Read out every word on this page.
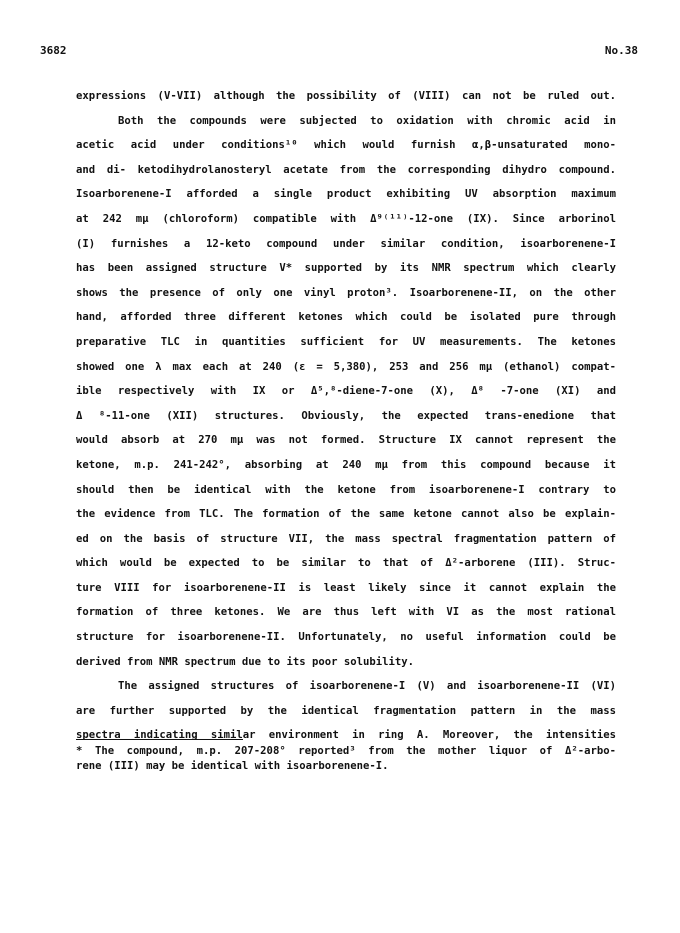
3682	No.38
expressions (V-VII) although the possibility of (VIII) can not be ruled out.
Both the compounds were subjected to oxidation with chromic acid in
acetic acid under conditions¹⁰ which would furnish α,β-unsaturated mono-
and di- ketodihydrolanosteryl acetate from the corresponding dihydro compound.
Isoarborenene-I afforded a single product exhibiting UV absorption maximum
at 242 mμ (chloroform) compatible with Δ⁹⁽¹¹⁾-12-one (IX). Since arborinol
(I) furnishes a 12-keto compound under similar condition, isoarborenene-I
has been assigned structure V* supported by its NMR spectrum which clearly
shows the presence of only one vinyl proton³. Isoarborenene-II, on the other
hand, afforded three different ketones which could be isolated pure through
preparative TLC in quantities sufficient for UV measurements. The ketones
showed one λ max each at 240 (ε = 5,380), 253 and 256 mμ (ethanol) compat-
ible respectively with IX or Δ⁵,⁸-diene-7-one (X), Δ⁸ -7-one (XI) and
Δ ⁸-11-one (XII) structures. Obviously, the expected trans-enedione that
would absorb at 270 mμ was not formed. Structure IX cannot represent the
ketone, m.p. 241-242°, absorbing at 240 mμ from this compound because it
should then be identical with the ketone from isoarborenene-I contrary to
the evidence from TLC. The formation of the same ketone cannot also be explain-
ed on the basis of structure VII, the mass spectral fragmentation pattern of
which would be expected to be similar to that of Δ²-arborene (III). Struc-
ture VIII for isoarborenene-II is least likely since it cannot explain the
formation of three ketones. We are thus left with VI as the most rational
structure for isoarborenene-II. Unfortunately, no useful information could be
derived from NMR spectrum due to its poor solubility.
The assigned structures of isoarborenene-I (V) and isoarborenene-II (VI)
are further supported by the identical fragmentation pattern in the mass
spectra indicating similar environment in ring A. Moreover, the intensities
* The compound, m.p. 207-208° reported³ from the mother liquor of Δ²-arbo-
rene (III) may be identical with isoarborenene-I.
